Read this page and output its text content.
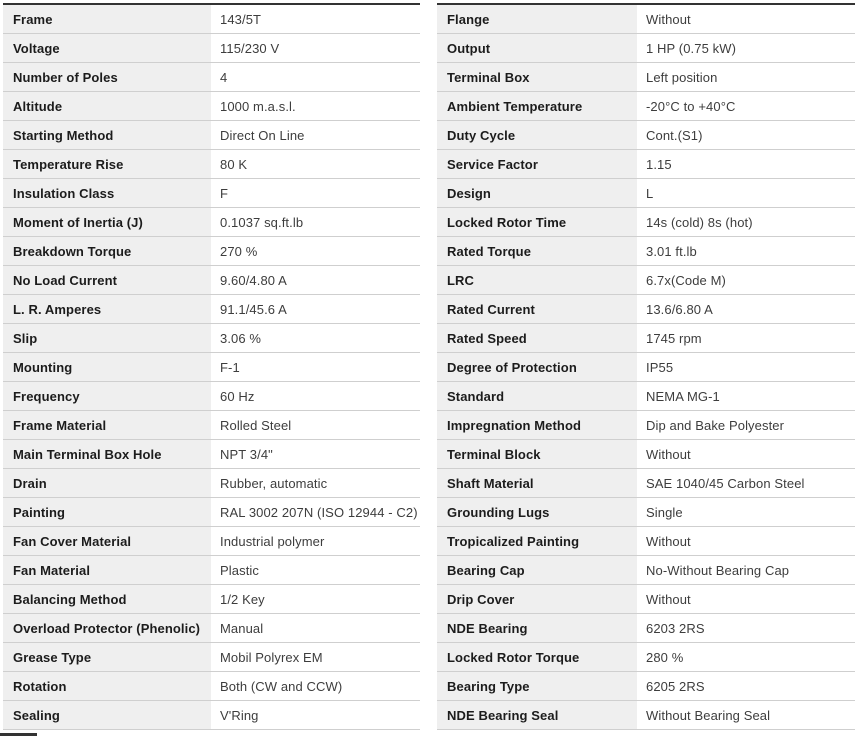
Frame	143/5T
Voltage	115/230 V
Number of Poles	4
Altitude	1000 m.a.s.l.
Starting Method	Direct On Line
Temperature Rise	80 K
Insulation Class	F
Moment of Inertia (J)	0.1037 sq.ft.lb
Breakdown Torque	270 %
No Load Current	9.60/4.80 A
L. R. Amperes	91.1/45.6 A
Slip	3.06 %
Mounting	F-1
Frequency	60 Hz
Frame Material	Rolled Steel
Main Terminal Box Hole	NPT 3/4"
Drain	Rubber, automatic
Painting	RAL 3002 207N (ISO 12944 - C2)
Fan Cover Material	Industrial polymer
Fan Material	Plastic
Balancing Method	1/2 Key
Overload Protector (Phenolic)	Manual
Grease Type	Mobil Polyrex EM
Rotation	Both (CW and CCW)
Sealing	V'Ring
Flange	Without
Output	1 HP (0.75 kW)
Terminal Box	Left position
Ambient Temperature	-20°C to +40°C
Duty Cycle	Cont.(S1)
Service Factor	1.15
Design	L
Locked Rotor Time	14s (cold) 8s (hot)
Rated Torque	3.01 ft.lb
LRC	6.7x(Code M)
Rated Current	13.6/6.80 A
Rated Speed	1745 rpm
Degree of Protection	IP55
Standard	NEMA MG-1
Impregnation Method	Dip and Bake Polyester
Terminal Block	Without
Shaft Material	SAE 1040/45 Carbon Steel
Grounding Lugs	Single
Tropicalized Painting	Without
Bearing Cap	No-Without Bearing Cap
Drip Cover	Without
NDE Bearing	6203 2RS
Locked Rotor Torque	280 %
Bearing Type	6205 2RS
NDE Bearing Seal	Without Bearing Seal
